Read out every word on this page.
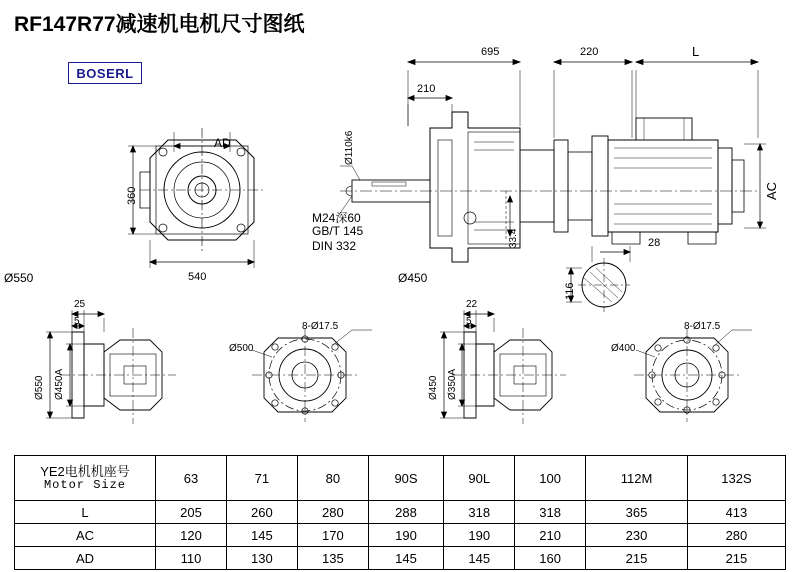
RF147R77减速机电机尺寸图纸
BOSERL
695	220	L
210
Ø110k6
33.4
AC
AD
360
540
28
116
M24深60
GB/T 145
DIN 332
Ø550	Ø450
25
5
22
5
8-Ø17.5	8-Ø17.5
Ø550 Ø450A
Ø500
Ø450 Ø350A
Ø400
YE2电机机座号
Motor Size	63	71	80	90S	90L	100	112M	132S
L	205	260	280	288	318	318	365	413
AC	120	145	170	190	190	210	230	280
AD	110	130	135	145	145	160	215	215
